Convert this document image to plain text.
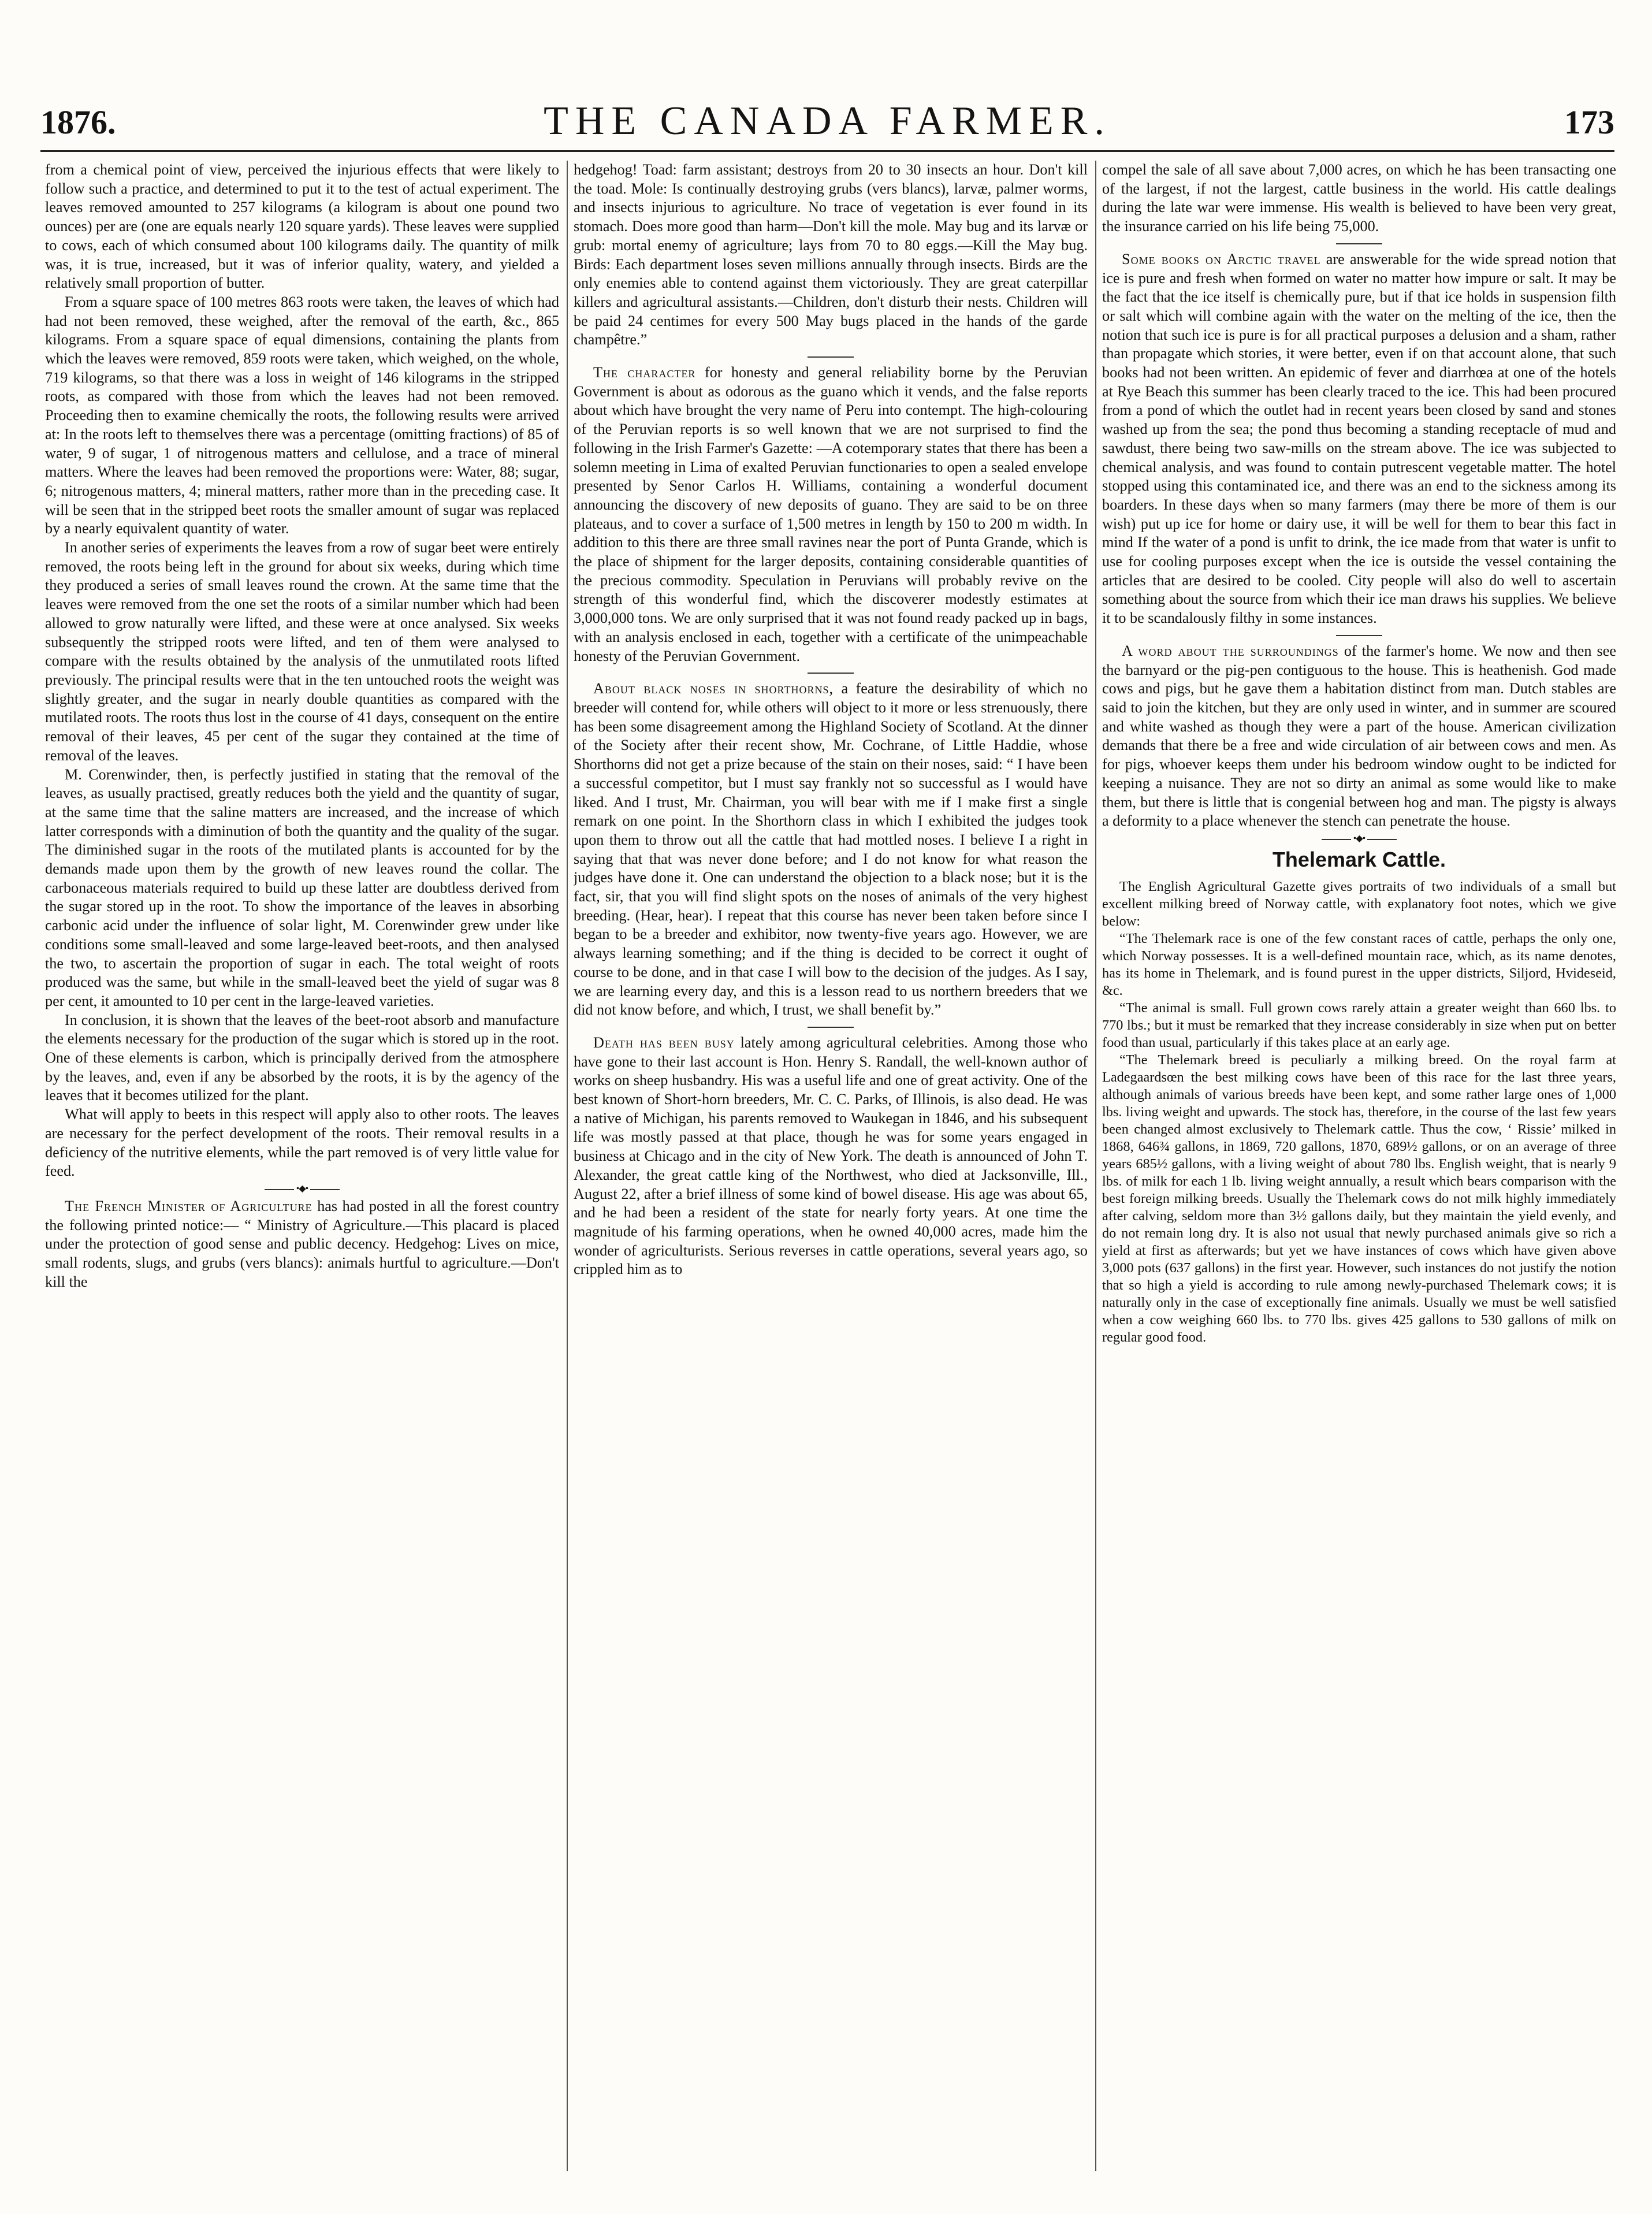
1876.	THE CANADA FARMER.	173

from a chemical point of view, perceived the injurious effects that were likely to follow such a practice, and determined to put it to the test of actual experiment. The leaves removed amounted to 257 kilograms (a kilogram is about one pound two ounces) per are (one are equals nearly 120 square yards). These leaves were supplied to cows, each of which consumed about 100 kilograms daily. The quantity of milk was, it is true, increased, but it was of inferior quality, watery, and yielded a relatively small proportion of butter.

From a square space of 100 metres 863 roots were taken, the leaves of which had had not been removed, these weighed, after the removal of the earth, &c., 865 kilograms. From a square space of equal dimensions, containing the plants from which the leaves were removed, 859 roots were taken, which weighed, on the whole, 719 kilograms, so that there was a loss in weight of 146 kilograms in the stripped roots, as compared with those from which the leaves had not been removed. Proceeding then to examine chemically the roots, the following results were arrived at: In the roots left to themselves there was a percentage (omitting fractions) of 85 of water, 9 of sugar, 1 of nitrogenous matters and cellulose, and a trace of mineral matters. Where the leaves had been removed the proportions were: Water, 88; sugar, 6; nitrogenous matters, 4; mineral matters, rather more than in the preceding case. It will be seen that in the stripped beet roots the smaller amount of sugar was replaced by a nearly equivalent quantity of water.

In another series of experiments the leaves from a row of sugar beet were entirely removed, the roots being left in the ground for about six weeks, during which time they produced a series of small leaves round the crown. At the same time that the leaves were removed from the one set the roots of a similar number which had been allowed to grow naturally were lifted, and these were at once analysed. Six weeks subsequently the stripped roots were lifted, and ten of them were analysed to compare with the results obtained by the analysis of the unmutilated roots lifted previously. The principal results were that in the ten untouched roots the weight was slightly greater, and the sugar in nearly double quantities as compared with the mutilated roots. The roots thus lost in the course of 41 days, consequent on the entire removal of their leaves, 45 per cent of the sugar they contained at the time of removal of the leaves.

M. Corenwinder, then, is perfectly justified in stating that the removal of the leaves, as usually practised, greatly reduces both the yield and the quantity of sugar, at the same time that the saline matters are increased, and the increase of which latter corresponds with a diminution of both the quantity and the quality of the sugar. The diminished sugar in the roots of the mutilated plants is accounted for by the demands made upon them by the growth of new leaves round the collar. The carbonaceous materials required to build up these latter are doubtless derived from the sugar stored up in the root. To show the importance of the leaves in absorbing carbonic acid under the influence of solar light, M. Corenwinder grew under like conditions some small-leaved and some large-leaved beet-roots, and then analysed the two, to ascertain the proportion of sugar in each. The total weight of roots produced was the same, but while in the small-leaved beet the yield of sugar was 8 per cent, it amounted to 10 per cent in the large-leaved varieties.

In conclusion, it is shown that the leaves of the beet-root absorb and manufacture the elements necessary for the production of the sugar which is stored up in the root. One of these elements is carbon, which is principally derived from the atmosphere by the leaves, and, even if any be absorbed by the roots, it is by the agency of the leaves that it becomes utilized for the plant.

What will apply to beets in this respect will apply also to other roots. The leaves are necessary for the perfect development of the roots. Their removal results in a deficiency of the nutritive elements, while the part removed is of very little value for feed.

•◆•

The French Minister of Agriculture has had posted in all the forest country the following printed notice:— “ Ministry of Agriculture.—This placard is placed under the protection of good sense and public decency. Hedgehog: Lives on mice, small rodents, slugs, and grubs (vers blancs): animals hurtful to agriculture.—Don't kill the

hedgehog! Toad: farm assistant; destroys from 20 to 30 insects an hour. Don't kill the toad. Mole: Is continually destroying grubs (vers blancs), larvæ, palmer worms, and insects injurious to agriculture. No trace of vegetation is ever found in its stomach. Does more good than harm—Don't kill the mole. May bug and its larvæ or grub: mortal enemy of agriculture; lays from 70 to 80 eggs.—Kill the May bug. Birds: Each department loses seven millions annually through insects. Birds are the only enemies able to contend against them victoriously. They are great caterpillar killers and agricultural assistants.—Children, don't disturb their nests. Children will be paid 24 centimes for every 500 May bugs placed in the hands of the garde champêtre.”

The character for honesty and general reliability borne by the Peruvian Government is about as odorous as the guano which it vends, and the false reports about which have brought the very name of Peru into contempt. The high-colouring of the Peruvian reports is so well known that we are not surprised to find the following in the Irish Farmer's Gazette: —A cotemporary states that there has been a solemn meeting in Lima of exalted Peruvian functionaries to open a sealed envelope presented by Senor Carlos H. Williams, containing a wonderful document announcing the discovery of new deposits of guano. They are said to be on three plateaus, and to cover a surface of 1,500 metres in length by 150 to 200 m width. In addition to this there are three small ravines near the port of Punta Grande, which is the place of shipment for the larger deposits, containing considerable quantities of the precious commodity. Speculation in Peruvians will probably revive on the strength of this wonderful find, which the discoverer modestly estimates at 3,000,000 tons. We are only surprised that it was not found ready packed up in bags, with an analysis enclosed in each, together with a certificate of the unimpeachable honesty of the Peruvian Government.

About black noses in shorthorns, a feature the desirability of which no breeder will contend for, while others will object to it more or less strenuously, there has been some disagreement among the Highland Society of Scotland. At the dinner of the Society after their recent show, Mr. Cochrane, of Little Haddie, whose Shorthorns did not get a prize because of the stain on their noses, said: “ I have been a successful competitor, but I must say frankly not so successful as I would have liked. And I trust, Mr. Chairman, you will bear with me if I make first a single remark on one point. In the Shorthorn class in which I exhibited the judges took upon them to throw out all the cattle that had mottled noses. I believe I a right in saying that that was never done before; and I do not know for what reason the judges have done it. One can understand the objection to a black nose; but it is the fact, sir, that you will find slight spots on the noses of animals of the very highest breeding. (Hear, hear). I repeat that this course has never been taken before since I began to be a breeder and exhibitor, now twenty-five years ago. However, we are always learning something; and if the thing is decided to be correct it ought of course to be done, and in that case I will bow to the decision of the judges. As I say, we are learning every day, and this is a lesson read to us northern breeders that we did not know before, and which, I trust, we shall benefit by.”

Death has been busy lately among agricultural celebrities. Among those who have gone to their last account is Hon. Henry S. Randall, the well-known author of works on sheep husbandry. His was a useful life and one of great activity. One of the best known of Short-horn breeders, Mr. C. C. Parks, of Illinois, is also dead. He was a native of Michigan, his parents removed to Waukegan in 1846, and his subsequent life was mostly passed at that place, though he was for some years engaged in business at Chicago and in the city of New York. The death is announced of John T. Alexander, the great cattle king of the Northwest, who died at Jacksonville, Ill., August 22, after a brief illness of some kind of bowel disease. His age was about 65, and he had been a resident of the state for nearly forty years. At one time the magnitude of his farming operations, when he owned 40,000 acres, made him the wonder of agriculturists. Serious reverses in cattle operations, several years ago, so crippled him as to

compel the sale of all save about 7,000 acres, on which he has been transacting one of the largest, if not the largest, cattle business in the world. His cattle dealings during the late war were immense. His wealth is believed to have been very great, the insurance carried on his life being 75,000.

Some books on Arctic travel are answerable for the wide spread notion that ice is pure and fresh when formed on water no matter how impure or salt. It may be the fact that the ice itself is chemically pure, but if that ice holds in suspension filth or salt which will combine again with the water on the melting of the ice, then the notion that such ice is pure is for all practical purposes a delusion and a sham, rather than propagate which stories, it were better, even if on that account alone, that such books had not been written. An epidemic of fever and diarrhœa at one of the hotels at Rye Beach this summer has been clearly traced to the ice. This had been procured from a pond of which the outlet had in recent years been closed by sand and stones washed up from the sea; the pond thus becoming a standing receptacle of mud and sawdust, there being two saw-mills on the stream above. The ice was subjected to chemical analysis, and was found to contain putrescent vegetable matter. The hotel stopped using this contaminated ice, and there was an end to the sickness among its boarders. In these days when so many farmers (may there be more of them is our wish) put up ice for home or dairy use, it will be well for them to bear this fact in mind If the water of a pond is unfit to drink, the ice made from that water is unfit to use for cooling purposes except when the ice is outside the vessel containing the articles that are desired to be cooled. City people will also do well to ascertain something about the source from which their ice man draws his supplies. We believe it to be scandalously filthy in some instances.

A word about the surroundings of the farmer's home. We now and then see the barnyard or the pig-pen contiguous to the house. This is heathenish. God made cows and pigs, but he gave them a habitation distinct from man. Dutch stables are said to join the kitchen, but they are only used in winter, and in summer are scoured and white washed as though they were a part of the house. American civilization demands that there be a free and wide circulation of air between cows and men. As for pigs, whoever keeps them under his bedroom window ought to be indicted for keeping a nuisance. They are not so dirty an animal as some would like to make them, but there is little that is congenial between hog and man. The pigsty is always a deformity to a place whenever the stench can penetrate the house.

•◆•
Thelemark Cattle.

The English Agricultural Gazette gives portraits of two individuals of a small but excellent milking breed of Norway cattle, with explanatory foot notes, which we give below:

“The Thelemark race is one of the few constant races of cattle, perhaps the only one, which Norway possesses. It is a well-defined mountain race, which, as its name denotes, has its home in Thelemark, and is found purest in the upper districts, Siljord, Hvideseid, &c.

“The animal is small. Full grown cows rarely attain a greater weight than 660 lbs. to 770 lbs.; but it must be remarked that they increase considerably in size when put on better food than usual, particularly if this takes place at an early age.

“The Thelemark breed is peculiarly a milking breed. On the royal farm at Ladegaardsœn the best milking cows have been of this race for the last three years, although animals of various breeds have been kept, and some rather large ones of 1,000 lbs. living weight and upwards. The stock has, therefore, in the course of the last few years been changed almost exclusively to Thelemark cattle. Thus the cow, ‘ Rissie’ milked in 1868, 646¾ gallons, in 1869, 720 gallons, 1870, 689½ gallons, or on an average of three years 685½ gallons, with a living weight of about 780 lbs. English weight, that is nearly 9 lbs. of milk for each 1 lb. living weight annually, a result which bears comparison with the best foreign milking breeds. Usually the Thelemark cows do not milk highly immediately after calving, seldom more than 3½ gallons daily, but they maintain the yield evenly, and do not remain long dry. It is also not usual that newly purchased animals give so rich a yield at first as afterwards; but yet we have instances of cows which have given above 3,000 pots (637 gallons) in the first year. However, such instances do not justify the notion that so high a yield is according to rule among newly-purchased Thelemark cows; it is naturally only in the case of exceptionally fine animals. Usually we must be well satisfied when a cow weighing 660 lbs. to 770 lbs. gives 425 gallons to 530 gallons of milk on regular good food.
